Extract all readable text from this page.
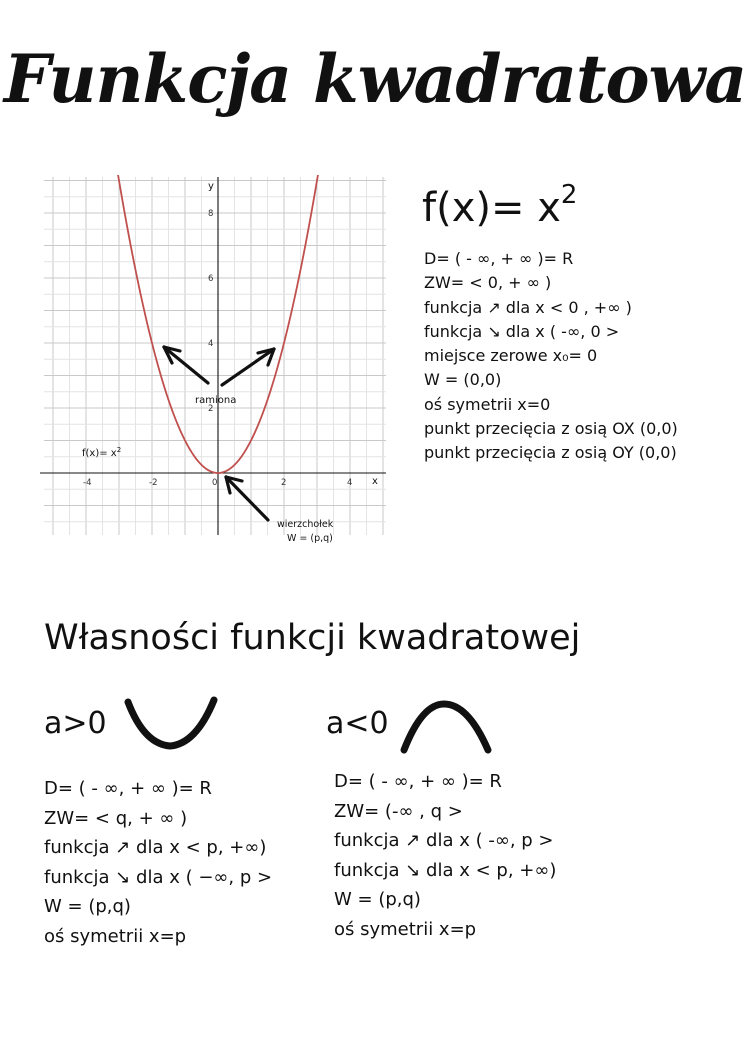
Funkcja kwadratowa
x
y
-4	-2	0	2	4
2
4
6
8
ramiona
$f(x)= x^2$
wierzchołek
W = (p,q)
$f(x)= x^2$
D= ( - ∞, + ∞ )= R
ZW= < 0, + ∞ )
funkcja ↗ dla x < 0 , +∞ )
funkcja ↘ dla x ( -∞, 0 >
miejsce zerowe x₀= 0
W = (0,0)
oś symetrii x=0
punkt przecięcia z osią OX (0,0)
punkt przecięcia z osią OY (0,0)
Własności funkcji kwadratowej
a>0	a<0
D= ( - ∞, + ∞ )= R
ZW= < q, + ∞ )
funkcja ↗ dla x < p, +∞)
funkcja ↘ dla x ( −∞, p >
W = (p,q)
oś symetrii x=p
D= ( - ∞, + ∞ )= R
ZW= (-∞ , q >
funkcja ↗ dla x ( -∞, p >
funkcja ↘ dla x < p, +∞)
W = (p,q)
oś symetrii x=p
